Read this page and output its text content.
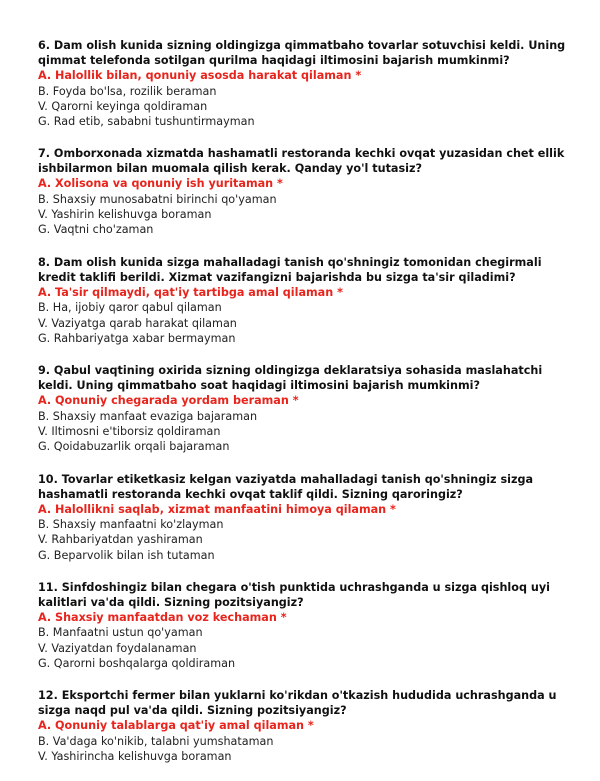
6. Dam olish kunida sizning oldingizga qimmatbaho tovarlar sotuvchisi keldi. Uning qimmat telefonda sotilgan qurilma haqidagi iltimosini bajarish mumkinmi?

A. Halollik bilan, qonuniy asosda harakat qilaman *

B. Foyda bo'lsa, rozilik beraman

V. Qarorni keyinga qoldiraman

G. Rad etib, sababni tushuntirmayman

7. Omborxonada xizmatda hashamatli restoranda kechki ovqat yuzasidan chet ellik ishbilarmon bilan muomala qilish kerak. Qanday yo'l tutasiz?

A. Xolisona va qonuniy ish yuritaman *

B. Shaxsiy munosabatni birinchi qo'yaman

V. Yashirin kelishuvga boraman

G. Vaqtni cho'zaman

8. Dam olish kunida sizga mahalladagi tanish qo'shningiz tomonidan chegirmali kredit taklifi berildi. Xizmat vazifangizni bajarishda bu sizga ta'sir qiladimi?

A. Ta'sir qilmaydi, qat'iy tartibga amal qilaman *

B. Ha, ijobiy qaror qabul qilaman

V. Vaziyatga qarab harakat qilaman

G. Rahbariyatga xabar bermayman

9. Qabul vaqtining oxirida sizning oldingizga deklaratsiya sohasida maslahatchi keldi. Uning qimmatbaho soat haqidagi iltimosini bajarish mumkinmi?

A. Qonuniy chegarada yordam beraman *

B. Shaxsiy manfaat evaziga bajaraman

V. Iltimosni e'tiborsiz qoldiraman

G. Qoidabuzarlik orqali bajaraman

10. Tovarlar etiketkasiz kelgan vaziyatda mahalladagi tanish qo'shningiz sizga hashamatli restoranda kechki ovqat taklif qildi. Sizning qaroringiz?

A. Halollikni saqlab, xizmat manfaatini himoya qilaman *

B. Shaxsiy manfaatni ko'zlayman

V. Rahbariyatdan yashiraman

G. Beparvolik bilan ish tutaman

11. Sinfdoshingiz bilan chegara o'tish punktida uchrashganda u sizga qishloq uyi kalitlari va'da qildi. Sizning pozitsiyangiz?

A. Shaxsiy manfaatdan voz kechaman *

B. Manfaatni ustun qo'yaman

V. Vaziyatdan foydalanaman

G. Qarorni boshqalarga qoldiraman

12. Eksportchi fermer bilan yuklarni ko'rikdan o'tkazish hududida uchrashganda u sizga naqd pul va'da qildi. Sizning pozitsiyangiz?

A. Qonuniy talablarga qat'iy amal qilaman *

B. Va'daga ko'nikib, talabni yumshataman

V. Yashirincha kelishuvga boraman
